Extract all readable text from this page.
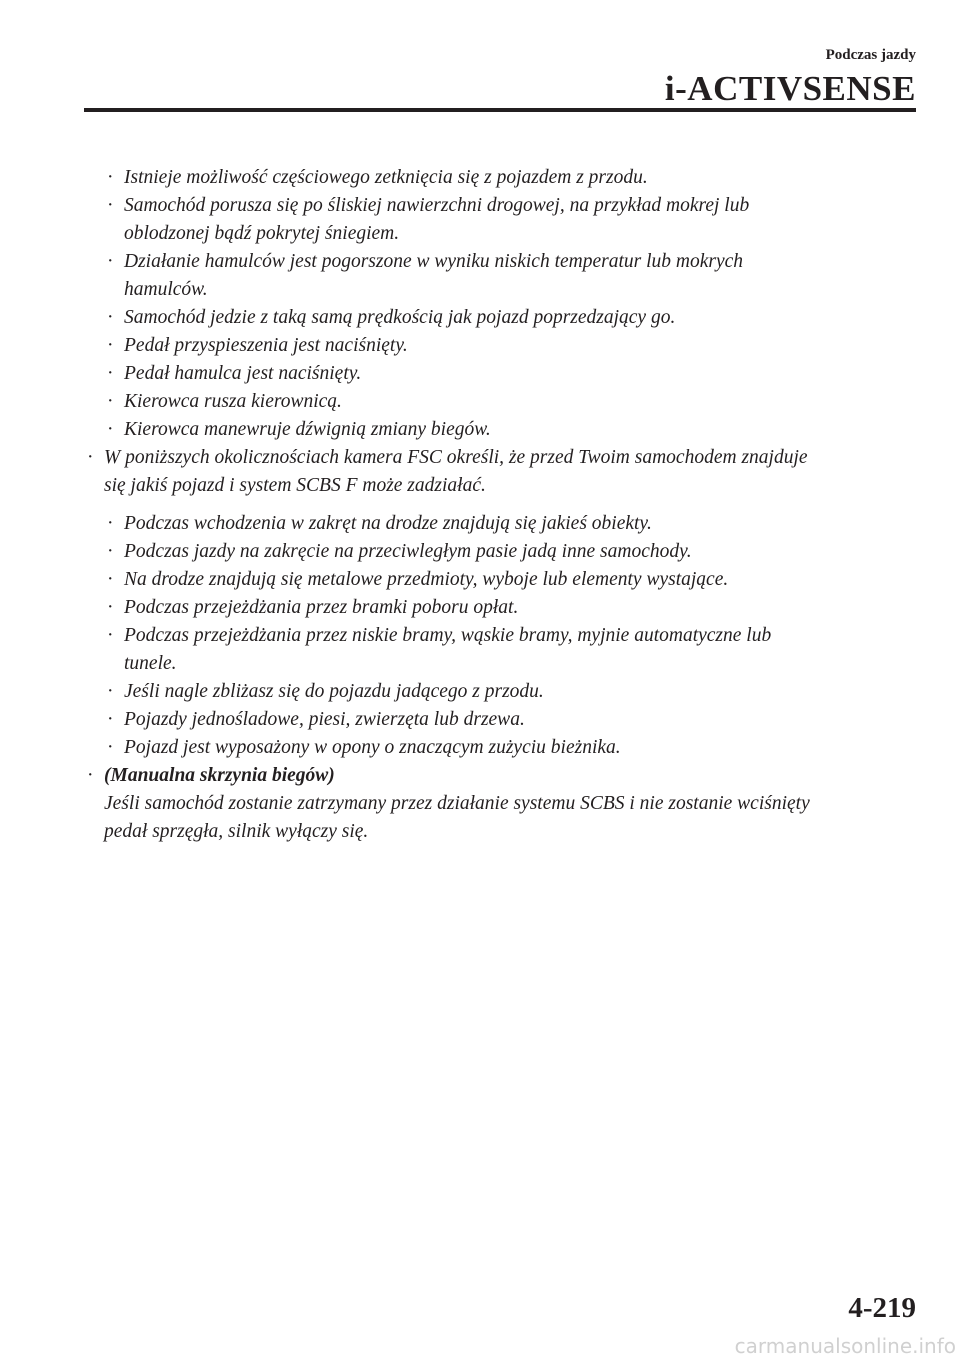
Podczas jazdy
i-ACTIVSENSE
· Istnieje możliwość częściowego zetknięcia się z pojazdem z przodu.
· Samochód porusza się po śliskiej nawierzchni drogowej, na przykład mokrej lub
oblodzonej bądź pokrytej śniegiem.
· Działanie hamulców jest pogorszone w wyniku niskich temperatur lub mokrych
hamulców.
· Samochód jedzie z taką samą prędkością jak pojazd poprzedzający go.
· Pedał przyspieszenia jest naciśnięty.
· Pedał hamulca jest naciśnięty.
· Kierowca rusza kierownicą.
· Kierowca manewruje dźwignią zmiany biegów.
· W poniższych okolicznościach kamera FSC określi, że przed Twoim samochodem znajduje
się jakiś pojazd i system SCBS F może zadziałać.
· Podczas wchodzenia w zakręt na drodze znajdują się jakieś obiekty.
· Podczas jazdy na zakręcie na przeciwległym pasie jadą inne samochody.
· Na drodze znajdują się metalowe przedmioty, wyboje lub elementy wystające.
· Podczas przejeżdżania przez bramki poboru opłat.
· Podczas przejeżdżania przez niskie bramy, wąskie bramy, myjnie automatyczne lub
tunele.
· Jeśli nagle zbliżasz się do pojazdu jadącego z przodu.
· Pojazdy jednośladowe, piesi, zwierzęta lub drzewa.
· Pojazd jest wyposażony w opony o znaczącym zużyciu bieżnika.
· (Manualna skrzynia biegów)
Jeśli samochód zostanie zatrzymany przez działanie systemu SCBS i nie zostanie wciśnięty
pedał sprzęgła, silnik wyłączy się.
4-219
carmanualsonline.info
